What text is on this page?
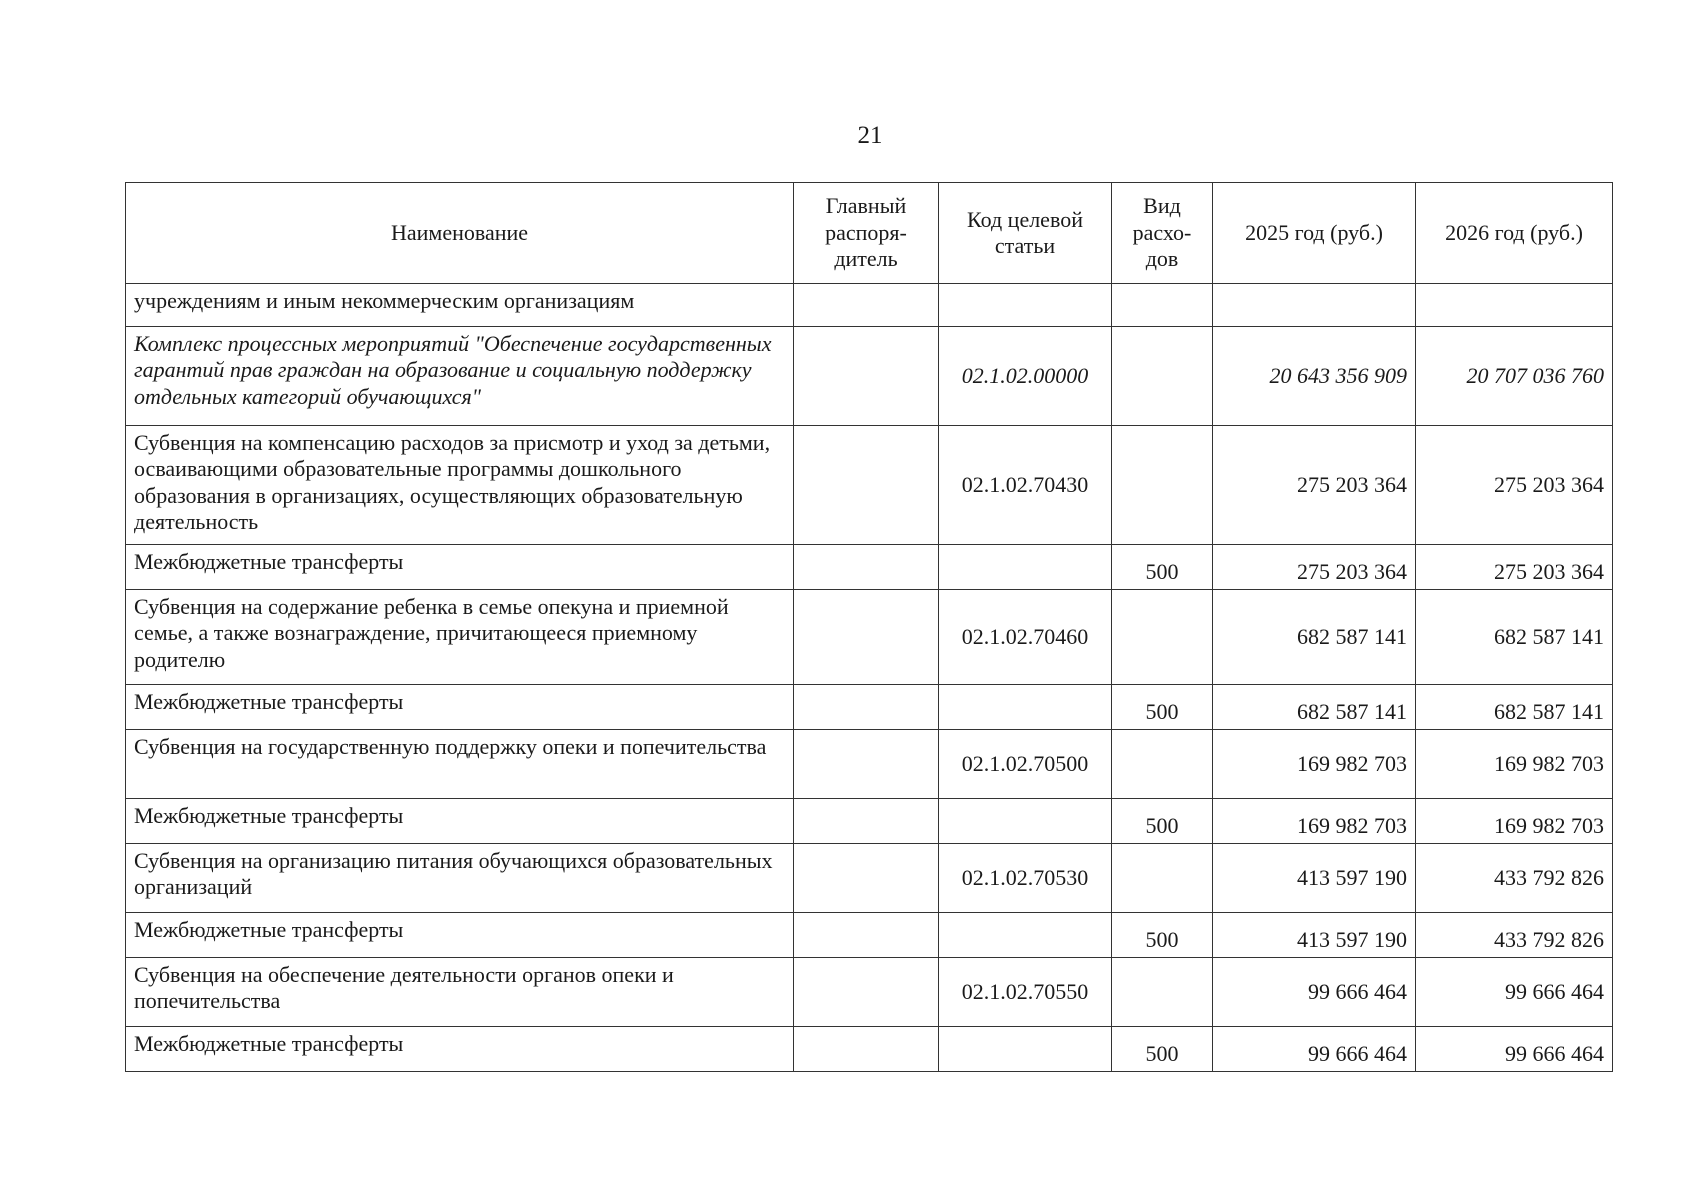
21
Наименование	Главный распоря-дитель	Код целевой статьи	Вид расхо-дов	2025 год (руб.)	2026 год (руб.)
учреждениям и иным некоммерческим организациям					
Комплекс процессных мероприятий "Обеспечение государственных гарантий прав граждан на образование и социальную поддержку отдельных категорий обучающихся"		02.1.02.00000		20 643 356 909	20 707 036 760
Субвенция на компенсацию расходов за присмотр и уход за детьми, осваивающими образовательные программы дошкольного образования в организациях, осуществляющих образовательную деятельность		02.1.02.70430		275 203 364	275 203 364
Межбюджетные трансферты			500	275 203 364	275 203 364
Субвенция на содержание ребенка в семье опекуна и приемной семье, а также вознаграждение, причитающееся приемному родителю		02.1.02.70460		682 587 141	682 587 141
Межбюджетные трансферты			500	682 587 141	682 587 141
Субвенция на государственную поддержку опеки и попечительства		02.1.02.70500		169 982 703	169 982 703
Межбюджетные трансферты			500	169 982 703	169 982 703
Субвенция на организацию питания обучающихся образовательных организаций		02.1.02.70530		413 597 190	433 792 826
Межбюджетные трансферты			500	413 597 190	433 792 826
Субвенция на обеспечение деятельности органов опеки и попечительства		02.1.02.70550		99 666 464	99 666 464
Межбюджетные трансферты			500	99 666 464	99 666 464
